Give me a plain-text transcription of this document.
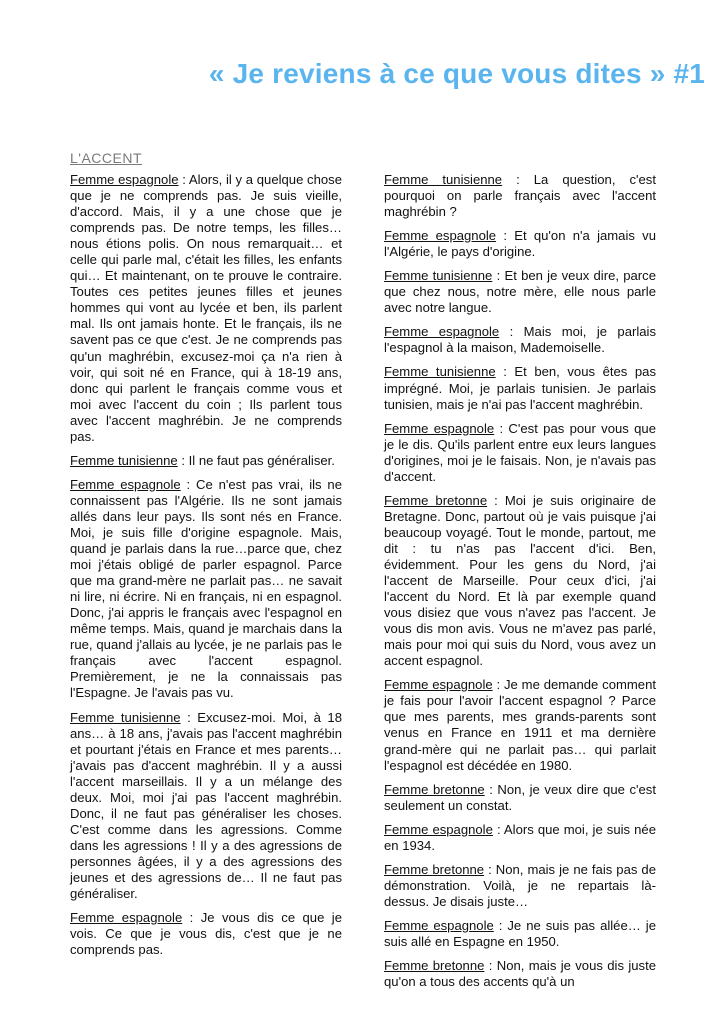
« Je reviens à ce que vous dites » #1
L'ACCENT

Femme espagnole : Alors, il y a quelque chose que je ne comprends pas. Je suis vieille, d'accord. Mais, il y a une chose que je comprends pas. De notre temps, les filles… nous étions polis. On nous remarquait… et celle qui parle mal, c'était les filles, les enfants qui… Et maintenant, on te prouve le contraire. Toutes ces petites jeunes filles et jeunes hommes qui vont au lycée et ben, ils parlent mal. Ils ont jamais honte. Et le français, ils ne savent pas ce que c'est. Je ne comprends pas qu'un maghrébin, excusez-moi ça n'a rien à voir, qui soit né en France, qui à 18-19 ans, donc qui parlent le français comme vous et moi avec l'accent du coin ; Ils parlent tous avec l'accent maghrébin. Je ne comprends pas.

Femme tunisienne : Il ne faut pas généraliser.

Femme espagnole : Ce n'est pas vrai, ils ne connaissent pas l'Algérie. Ils ne sont jamais allés dans leur pays. Ils sont nés en France. Moi, je suis fille d'origine espagnole. Mais, quand je parlais dans la rue…parce que, chez moi j'étais obligé de parler espagnol. Parce que ma grand-mère ne parlait pas… ne savait ni lire, ni écrire. Ni en français, ni en espagnol. Donc, j'ai appris le français avec l'espagnol en même temps. Mais, quand je marchais dans la rue, quand j'allais au lycée, je ne parlais pas le français avec l'accent espagnol. Premièrement, je ne la connaissais pas l'Espagne. Je l'avais pas vu.

Femme tunisienne : Excusez-moi. Moi, à 18 ans… à 18 ans, j'avais pas l'accent maghrébin et pourtant j'étais en France et mes parents… j'avais pas d'accent maghrébin. Il y a aussi l'accent marseillais. Il y a un mélange des deux. Moi, moi j'ai pas l'accent maghrébin. Donc, il ne faut pas généraliser les choses. C'est comme dans les agressions. Comme dans les agressions ! Il y a des agressions de personnes âgées, il y a des agressions des jeunes et des agressions de… Il ne faut pas généraliser.

Femme espagnole : Je vous dis ce que je vois. Ce que je vous dis, c'est que je ne comprends pas.

Femme tunisienne : La question, c'est pourquoi on parle français avec l'accent maghrébin ?

Femme espagnole : Et qu'on n'a jamais vu l'Algérie, le pays d'origine.

Femme tunisienne : Et ben je veux dire, parce que chez nous, notre mère, elle nous parle avec notre langue.

Femme espagnole : Mais moi, je parlais l'espagnol à la maison, Mademoiselle.

Femme tunisienne : Et ben, vous êtes pas imprégné. Moi, je parlais tunisien. Je parlais tunisien, mais je n'ai pas l'accent maghrébin.

Femme espagnole : C'est pas pour vous que je le dis. Qu'ils parlent entre eux leurs langues d'origines, moi je le faisais. Non, je n'avais pas d'accent.

Femme bretonne : Moi je suis originaire de Bretagne. Donc, partout où je vais puisque j'ai beaucoup voyagé. Tout le monde, partout, me dit : tu n'as pas l'accent d'ici. Ben, évidemment. Pour les gens du Nord, j'ai l'accent de Marseille. Pour ceux d'ici, j'ai l'accent du Nord. Et là par exemple quand vous disiez que vous n'avez pas l'accent. Je vous dis mon avis. Vous ne m'avez pas parlé, mais pour moi qui suis du Nord, vous avez un accent espagnol.

Femme espagnole : Je me demande comment je fais pour l'avoir l'accent espagnol ? Parce que mes parents, mes grands-parents sont venus en France en 1911 et ma dernière grand-mère qui ne parlait pas… qui parlait l'espagnol est décédée en 1980.

Femme bretonne : Non, je veux dire que c'est seulement un constat.

Femme espagnole : Alors que moi, je suis née en 1934.

Femme bretonne : Non, mais je ne fais pas de démonstration. Voilà, je ne repartais là-dessus. Je disais juste…

Femme espagnole : Je ne suis pas allée… je suis allé en Espagne en 1950.

Femme bretonne : Non, mais je vous dis juste qu'on a tous des accents qu'à un
